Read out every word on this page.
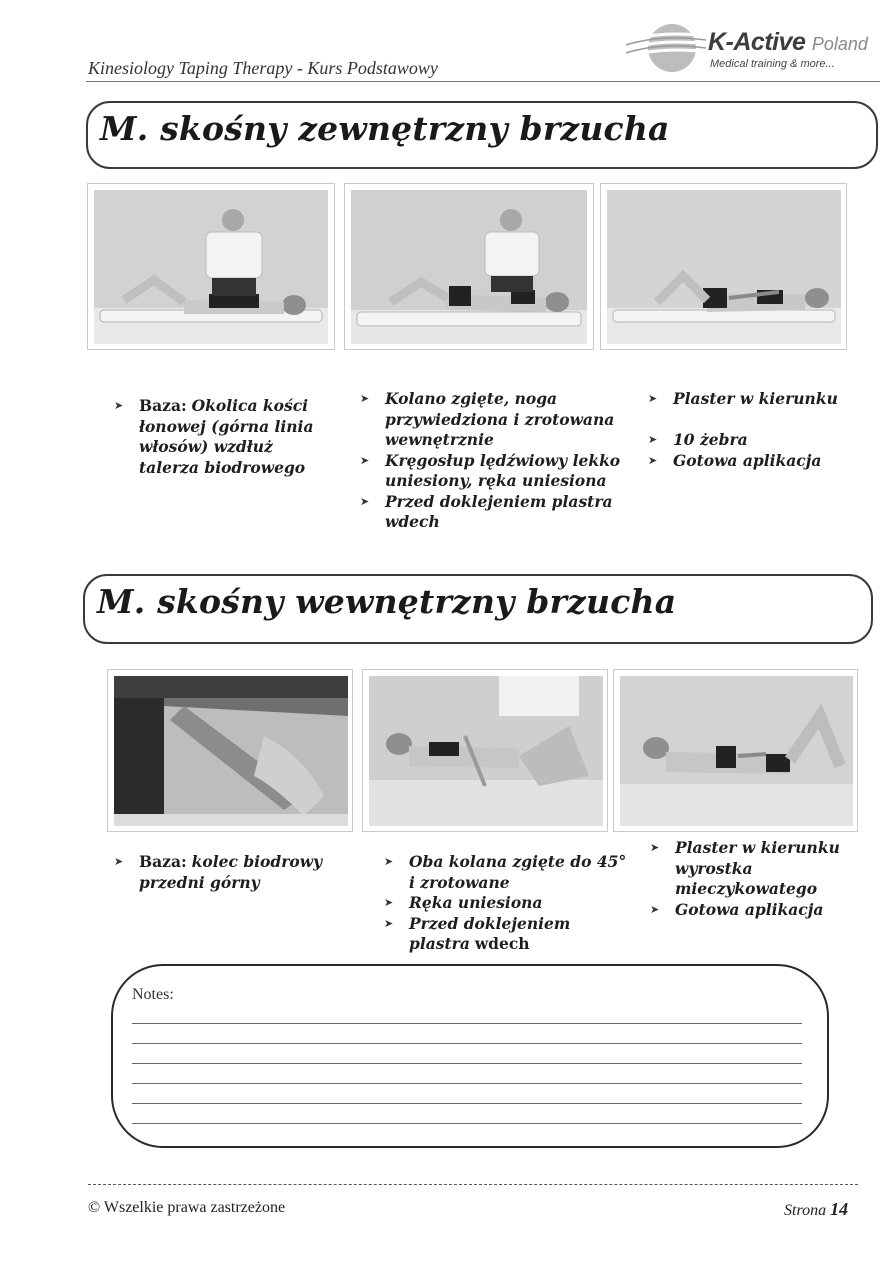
Kinesiology Taping Therapy - Kurs Podstawowy
K-Active Poland
Medical training & more...
M. skośny zewnętrzny brzucha
➤ Baza: Okolica kości łonowej (górna linia włosów) wzdłuż talerza biodrowego
➤ Kolano zgięte, noga przywiedziona i zrotowana wewnętrznie
➤ Kręgosłup lędźwiowy lekko uniesiony, ręka uniesiona
➤ Przed doklejeniem plastra wdech
➤ Plaster w kierunku
➤ 10 żebra
➤ Gotowa aplikacja
M. skośny wewnętrzny brzucha
➤ Baza: kolec biodrowy przedni górny
➤ Oba kolana zgięte do 45° i zrotowane
➤ Ręka uniesiona
➤ Przed doklejeniem plastra wdech
➤ Plaster w kierunku wyrostka mieczykowatego
➤ Gotowa aplikacja
Notes:
© Wszelkie prawa zastrzeżone	Strona 14
